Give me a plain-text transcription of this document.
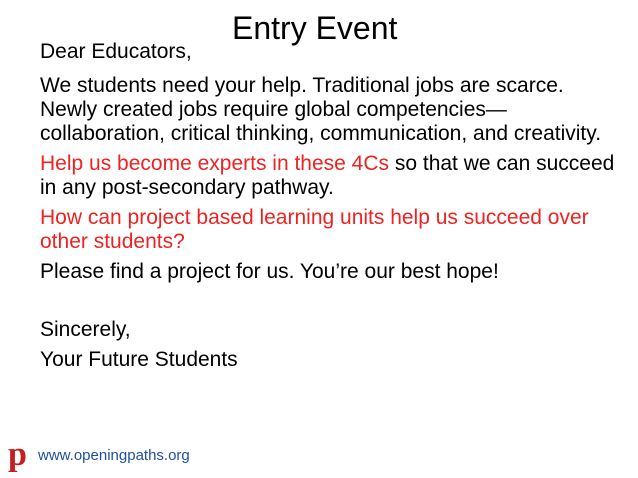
Entry Event
Dear Educators,

We students need your help. Traditional jobs are scarce. Newly created jobs require global competencies—collaboration, critical thinking, communication, and creativity.

Help us become experts in these 4Cs so that we can succeed in any post-secondary pathway.

How can project based learning units help us succeed over other students?

Please find a project for us. You’re our best hope!

Sincerely,

Your Future Students

p www.openingpaths.org
